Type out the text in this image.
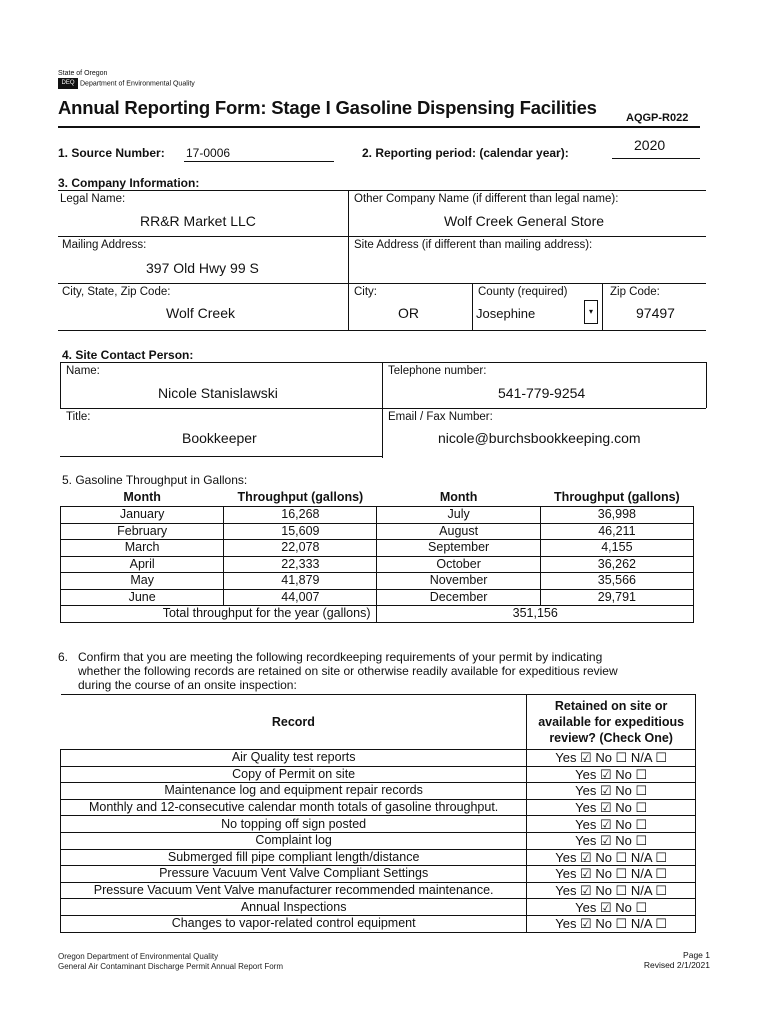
State of Oregon
DEQ Department of Environmental Quality
Annual Reporting Form: Stage I Gasoline Dispensing Facilities	AQGP-R022
1. Source Number: 17-0006	2. Reporting period: (calendar year):	2020
3. Company Information:
Legal Name:
RR&R Market LLC
Other Company Name (if different than legal name):
Wolf Creek General Store
Mailing Address:
397 Old Hwy 99 S
Site Address (if different than mailing address):
City, State, Zip Code:
Wolf Creek
City:
OR
County (required)
Josephine	▾
Zip Code:
97497
4. Site Contact Person:
Name:
Nicole Stanislawski
Telephone number:
541-779-9254
Title:
Bookkeeper
Email / Fax Number:
nicole@burchsbookkeeping.com
5. Gasoline Throughput in Gallons:
Month	Throughput (gallons)	Month	Throughput (gallons)
January	16,268	July	36,998
February	15,609	August	46,211
March	22,078	September	4,155
April	22,333	October	36,262
May	41,879	November	35,566
June	44,007	December	29,791
Total throughput for the year (gallons)		351,156	
6. Confirm that you are meeting the following recordkeeping requirements of your permit by indicating
whether the following records are retained on site or otherwise readily available for expeditious review
during the course of an onsite inspection:
Record	Retained on site or available for expeditious review? (Check One)
Air Quality test reports	Yes ☑ No ☐ N/A ☐
Copy of Permit on site	Yes ☑ No ☐
Maintenance log and equipment repair records	Yes ☑ No ☐
Monthly and 12-consecutive calendar month totals of gasoline throughput.	Yes ☑ No ☐
No topping off sign posted	Yes ☑ No ☐
Complaint log	Yes ☑ No ☐
Submerged fill pipe compliant length/distance	Yes ☑ No ☐ N/A ☐
Pressure Vacuum Vent Valve Compliant Settings	Yes ☑ No ☐ N/A ☐
Pressure Vacuum Vent Valve manufacturer recommended maintenance.	Yes ☑ No ☐ N/A ☐
Annual Inspections	Yes ☑ No ☐
Changes to vapor-related control equipment	Yes ☑ No ☐ N/A ☐
Oregon Department of Environmental Quality
General Air Contaminant Discharge Permit Annual Report Form
Page 1
Revised 2/1/2021
